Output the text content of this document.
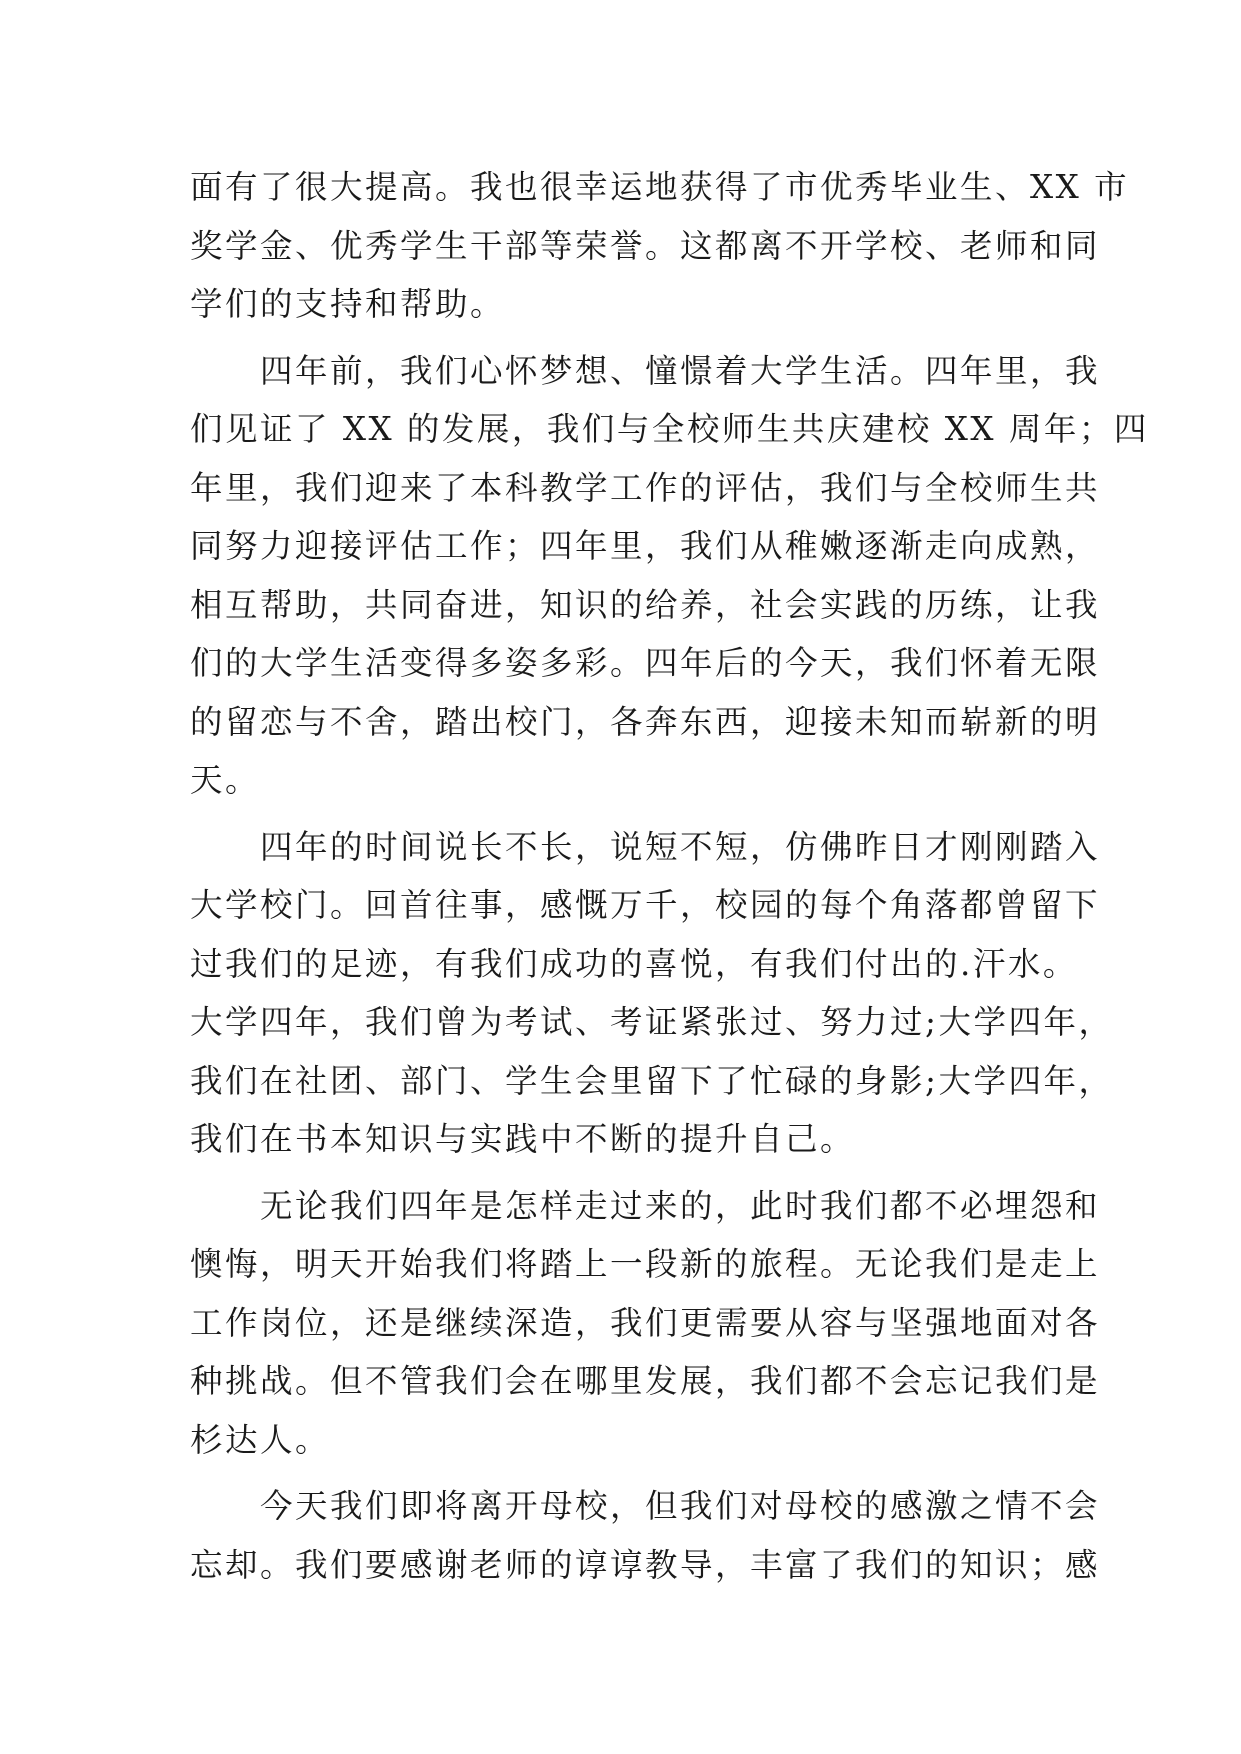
面有了很大提高。我也很幸运地获得了市优秀毕业生、XX 市
奖学金、优秀学生干部等荣誉。这都离不开学校、老师和同
学们的支持和帮助。

四年前，我们心怀梦想、憧憬着大学生活。四年里，我
们见证了 XX 的发展，我们与全校师生共庆建校 XX 周年；四
年里，我们迎来了本科教学工作的评估，我们与全校师生共
同努力迎接评估工作；四年里，我们从稚嫩逐渐走向成熟，
相互帮助，共同奋进，知识的给养，社会实践的历练，让我
们的大学生活变得多姿多彩。四年后的今天，我们怀着无限
的留恋与不舍，踏出校门，各奔东西，迎接未知而崭新的明
天。

四年的时间说长不长，说短不短，仿佛昨日才刚刚踏入
大学校门。回首往事，感慨万千，校园的每个角落都曾留下
过我们的足迹，有我们成功的喜悦，有我们付出的.汗水。
大学四年，我们曾为考试、考证紧张过、努力过;大学四年，
我们在社团、部门、学生会里留下了忙碌的身影;大学四年，
我们在书本知识与实践中不断的提升自己。

无论我们四年是怎样走过来的，此时我们都不必埋怨和
懊悔，明天开始我们将踏上一段新的旅程。无论我们是走上
工作岗位，还是继续深造，我们更需要从容与坚强地面对各
种挑战。但不管我们会在哪里发展，我们都不会忘记我们是
杉达人。

今天我们即将离开母校，但我们对母校的感激之情不会
忘却。我们要感谢老师的谆谆教导，丰富了我们的知识；感
